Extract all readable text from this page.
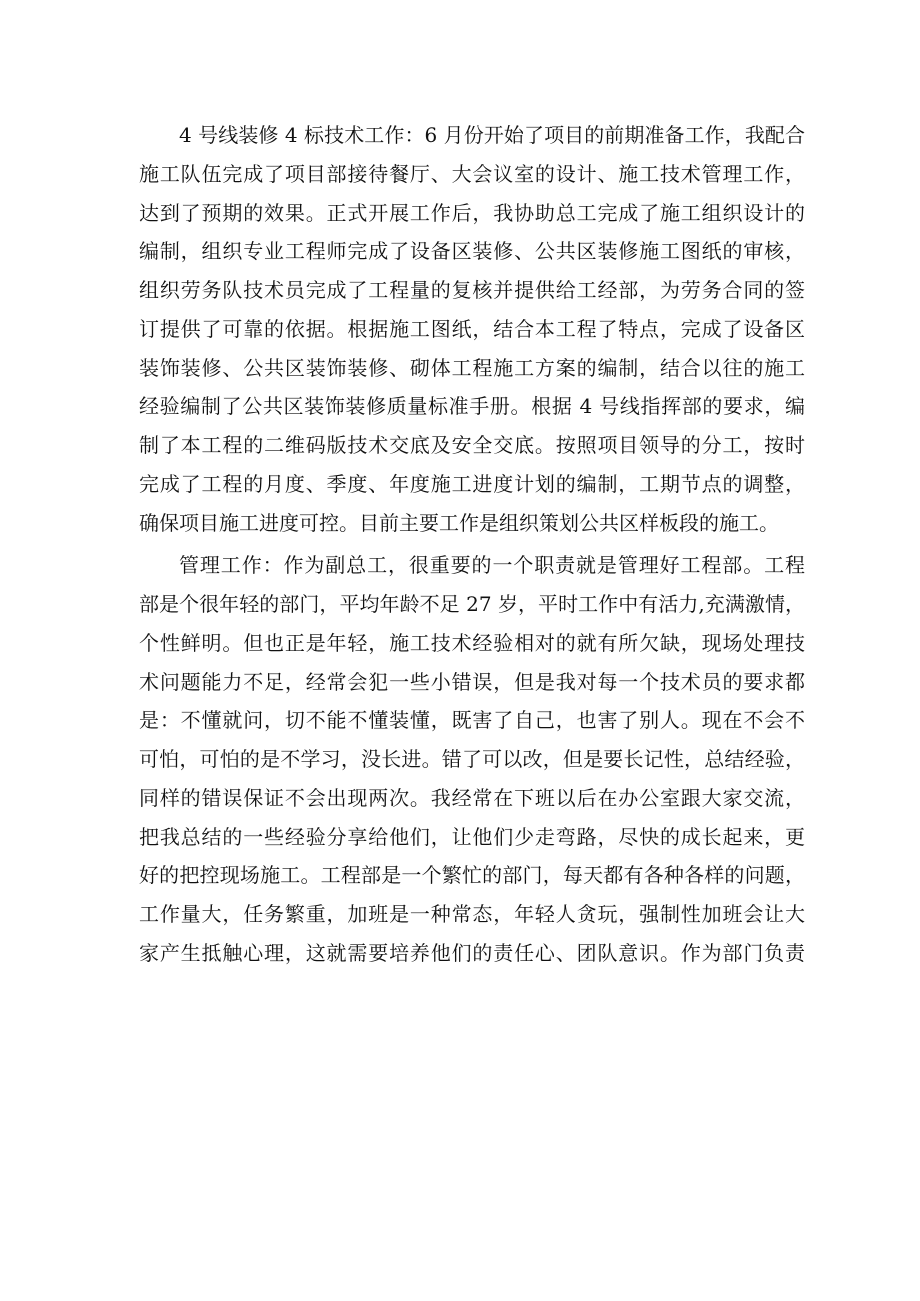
4 号线装修 4 标技术工作：6 月份开始了项目的前期准备工作，我配合
施工队伍完成了项目部接待餐厅、大会议室的设计、施工技术管理工作，
达到了预期的效果。正式开展工作后，我协助总工完成了施工组织设计的
编制，组织专业工程师完成了设备区装修、公共区装修施工图纸的审核，
组织劳务队技术员完成了工程量的复核并提供给工经部，为劳务合同的签
订提供了可靠的依据。根据施工图纸，结合本工程了特点，完成了设备区
装饰装修、公共区装饰装修、砌体工程施工方案的编制，结合以往的施工
经验编制了公共区装饰装修质量标准手册。根据 4 号线指挥部的要求，编
制了本工程的二维码版技术交底及安全交底。按照项目领导的分工，按时
完成了工程的月度、季度、年度施工进度计划的编制，工期节点的调整，
确保项目施工进度可控。目前主要工作是组织策划公共区样板段的施工。
管理工作：作为副总工，很重要的一个职责就是管理好工程部。工程
部是个很年轻的部门，平均年龄不足 27 岁，平时工作中有活力,充满激情，
个性鲜明。但也正是年轻，施工技术经验相对的就有所欠缺，现场处理技
术问题能力不足，经常会犯一些小错误，但是我对每一个技术员的要求都
是：不懂就问，切不能不懂装懂，既害了自己，也害了别人。现在不会不
可怕，可怕的是不学习，没长进。错了可以改，但是要长记性，总结经验，
同样的错误保证不会出现两次。我经常在下班以后在办公室跟大家交流，
把我总结的一些经验分享给他们，让他们少走弯路，尽快的成长起来，更
好的把控现场施工。工程部是一个繁忙的部门，每天都有各种各样的问题，
工作量大，任务繁重，加班是一种常态，年轻人贪玩，强制性加班会让大
家产生抵触心理，这就需要培养他们的责任心、团队意识。作为部门负责
